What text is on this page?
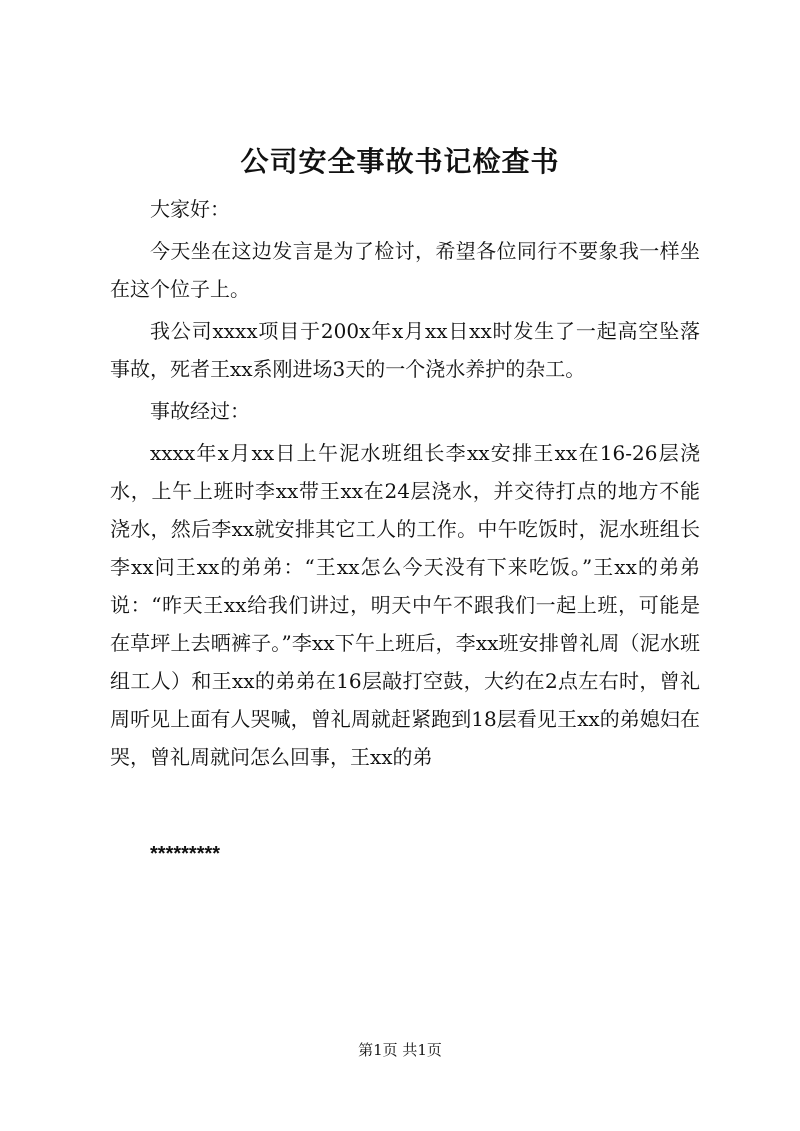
公司安全事故书记检查书

大家好：

今天坐在这边发言是为了检讨，希望各位同行不要象我一样坐在这个位子上。

我公司xxxx项目于200x年x月xx日xx时发生了一起高空坠落事故，死者王xx系刚进场3天的一个浇水养护的杂工。

事故经过：

xxxx年x月xx日上午泥水班组长李xx安排王xx在16-26层浇水，上午上班时李xx带王xx在24层浇水，并交待打点的地方不能浇水，然后李xx就安排其它工人的工作。中午吃饭时，泥水班组长李xx问王xx的弟弟：“王xx怎么今天没有下来吃饭。”王xx的弟弟说：“昨天王xx给我们讲过，明天中午不跟我们一起上班，可能是在草坪上去晒裤子。”李xx下午上班后，李xx班安排曾礼周（泥水班组工人）和王xx的弟弟在16层敲打空鼓，大约在2点左右时，曾礼周听见上面有人哭喊，曾礼周就赶紧跑到18层看见王xx的弟媳妇在哭，曾礼周就问怎么回事，王xx的弟

*********
第1页 共1页
